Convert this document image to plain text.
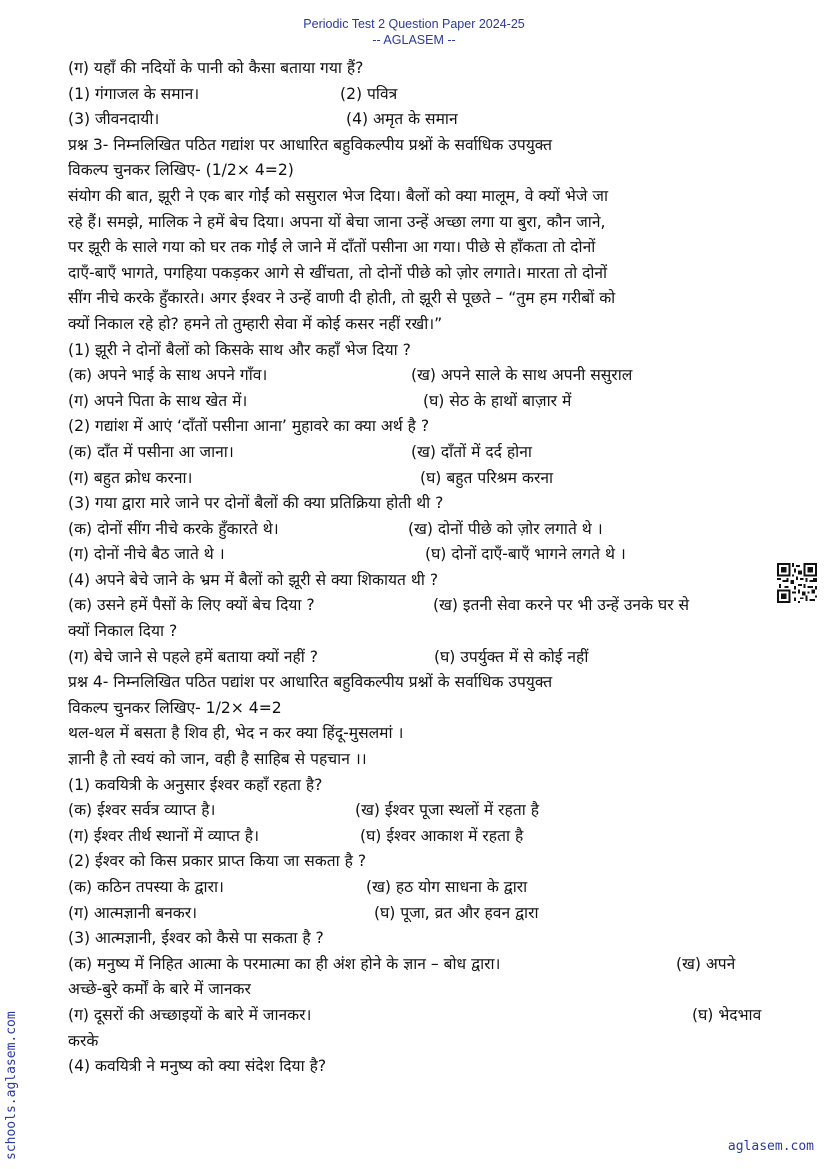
Periodic Test 2 Question Paper 2024-25
-- AGLASEM --
(ग) यहाँ की नदियों के पानी को कैसा बताया गया हैं?
(1) गंगाजल के समान।	(2) पवित्र
(3) जीवनदायी।	(4) अमृत के समान
प्रश्न 3- निम्नलिखित पठित गद्यांश पर आधारित बहुविकल्पीय प्रश्नों के सर्वाधिक उपयुक्त
विकल्प चुनकर लिखिए- (1/2× 4=2)
संयोग की बात, झूरी ने एक बार गोईं को ससुराल भेज दिया। बैलों को क्या मालूम, वे क्यों भेजे जा
रहे हैं। समझे, मालिक ने हमें बेच दिया। अपना यों बेचा जाना उन्हें अच्छा लगा या बुरा, कौन जाने,
पर झूरी के साले गया को घर तक गोईं ले जाने में दाँतों पसीना आ गया। पीछे से हाँकता तो दोनों
दाएँ-बाएँ भागते, पगहिया पकड़कर आगे से खींचता, तो दोनों पीछे को ज़ोर लगाते। मारता तो दोनों
सींग नीचे करके हुँकारते। अगर ईश्वर ने उन्हें वाणी दी होती, तो झूरी से पूछते – “तुम हम गरीबों को
क्यों निकाल रहे हो? हमने तो तुम्हारी सेवा में कोई कसर नहीं रखी।”
(1) झूरी ने दोनों बैलों को किसके साथ और कहाँ भेज दिया ?
(क) अपने भाई के साथ अपने गाँव।	(ख) अपने साले के साथ अपनी ससुराल
(ग) अपने पिता के साथ खेत में।	(घ) सेठ के हाथों बाज़ार में
(2) गद्यांश में आएं ‘दाँतों पसीना आना’ मुहावरे का क्या अर्थ है ?
(क) दाँत में पसीना आ जाना।	(ख) दाँतों में दर्द होना
(ग) बहुत क्रोध करना।	(घ) बहुत परिश्रम करना
(3) गया द्वारा मारे जाने पर दोनों बैलों की क्या प्रतिक्रिया होती थी ?
(क) दोनों सींग नीचे करके हुँकारते थे।	(ख) दोनों पीछे को ज़ोर लगाते थे ।
(ग) दोनों नीचे बैठ जाते थे ।	(घ) दोनों दाएँ-बाएँ भागने लगते थे ।
(4) अपने बेचे जाने के भ्रम में बैलों को झूरी से क्या शिकायत थी ?
(क) उसने हमें पैसों के लिए क्यों बेच दिया ?	(ख) इतनी सेवा करने पर भी उन्हें उनके घर से
क्यों निकाल दिया ?
(ग) बेचे जाने से पहले हमें बताया क्यों नहीं ?	(घ) उपर्युक्त में से कोई नहीं
प्रश्न 4- निम्नलिखित पठित पद्यांश पर आधारित बहुविकल्पीय प्रश्नों के सर्वाधिक उपयुक्त
विकल्प चुनकर लिखिए- 1/2× 4=2
थल-थल में बसता है शिव ही, भेद न कर क्या हिंदू-मुसलमां ।
ज्ञानी है तो स्वयं को जान, वही है साहिब से पहचान ।।
(1) कवयित्री के अनुसार ईश्वर कहाँ रहता है?
(क) ईश्वर सर्वत्र व्याप्त है।	(ख) ईश्वर पूजा स्थलों में रहता है
(ग) ईश्वर तीर्थ स्थानों में व्याप्त है।	(घ) ईश्वर आकाश में रहता है
(2) ईश्वर को किस प्रकार प्राप्त किया जा सकता है ?
(क) कठिन तपस्या के द्वारा।	(ख) हठ योग साधना के द्वारा
(ग) आत्मज्ञानी बनकर।	(घ) पूजा, व्रत और हवन द्वारा
(3) आत्मज्ञानी, ईश्वर को कैसे पा सकता है ?
(क) मनुष्य में निहित आत्मा के परमात्मा का ही अंश होने के ज्ञान – बोध द्वारा।	(ख) अपने
अच्छे-बुरे कर्मों के बारे में जानकर
(ग) दूसरों की अच्छाइयों के बारे में जानकर।	(घ) भेदभाव
करके
(4) कवयित्री ने मनुष्य को क्या संदेश दिया है?
schools.aglasem.com	aglasem.com
